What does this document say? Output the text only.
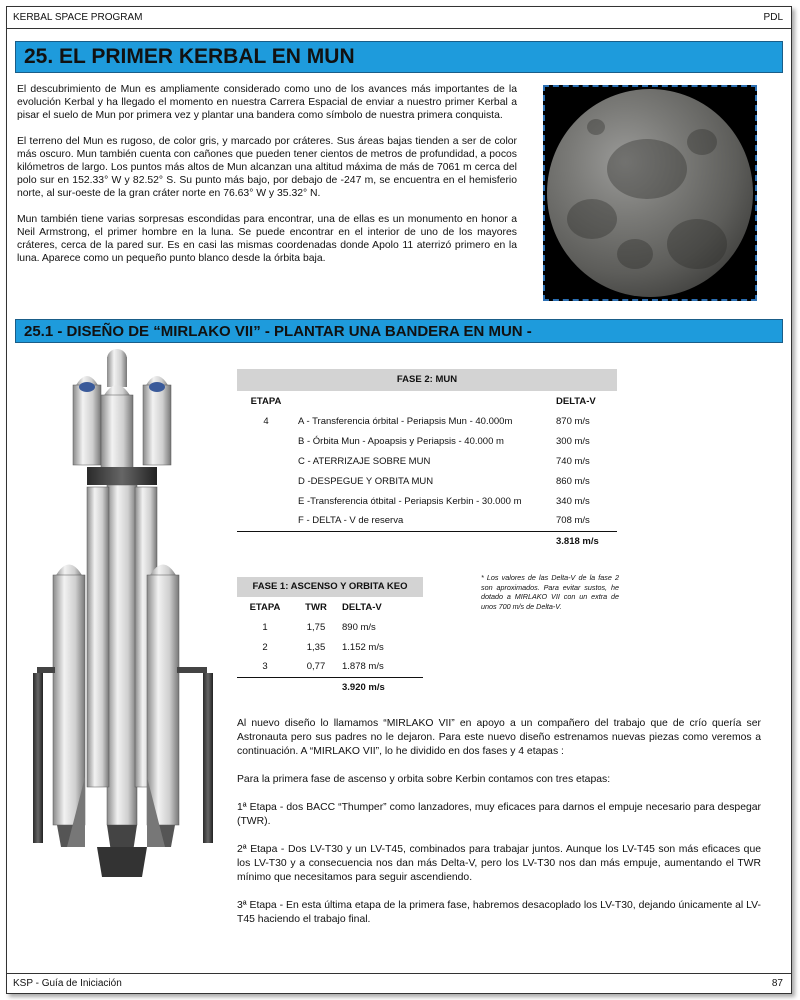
KERBAL SPACE PROGRAM	PDL
25. EL PRIMER KERBAL EN MUN

El descubrimiento de Mun es ampliamente considerado como uno de los avances más importantes de la evolución Kerbal y ha llegado el momento en nuestra Carrera Espacial de enviar a nuestro primer Kerbal a pisar el suelo de Mun por primera vez y plantar una bandera como símbolo de nuestra primera conquista.

El terreno del Mun es rugoso, de color gris, y marcado por cráteres. Sus áreas bajas tienden a ser de color más oscuro. Mun también cuenta con cañones que pueden tener cientos de metros de profundidad, a pocos kilómetros de largo. Los puntos más altos de Mun alcanzan una altitud máxima de más de 7061 m cerca del polo sur en 152.33° W y 82.52° S. Su punto más bajo, por debajo de -247 m, se encuentra en el hemisferio norte, al sur-oeste de la gran cráter norte en 76.63° W y 35.32° N.

Mun también tiene varias sorpresas escondidas para encontrar, una de ellas es un monumento en honor a Neil Armstrong, el primer hombre en la luna. Se puede encontrar en el interior de uno de los mayores cráteres, cerca de la pared sur. Es en casi las mismas coordenadas donde Apolo 11 aterrizó primero en la luna. Aparece como un pequeño punto blanco desde la órbita baja.

25.1 - DISEÑO DE “MIRLAKO VII” - PLANTAR UNA BANDERA EN MUN -
FASE 2: MUN
ETAPA		DELTA-V
4	A - Transferencia órbital - Periapsis Mun - 40.000m	870 m/s
	B - Órbita Mun - Apoapsis y Periapsis - 40.000 m	300 m/s
	C - ATERRIZAJE SOBRE MUN	740 m/s
	D -DESPEGUE Y ORBITA MUN	860 m/s
	E -Transferencia ótbital - Periapsis Kerbin - 30.000 m	340 m/s
	F - DELTA - V de reserva	708 m/s
		3.818 m/s
FASE 1: ASCENSO Y ORBITA KEO
ETAPA	TWR	DELTA-V
1	1,75	890 m/s
2	1,35	1.152 m/s
3	0,77	1.878 m/s
		3.920 m/s
* Los valores de las Delta-V de la fase 2 son aproximados. Para evitar sustos, he dotado a MIRLAKO VII con un extra de unos 700 m/s de Delta-V.

Al nuevo diseño lo llamamos “MIRLAKO VII” en apoyo a un compañero del trabajo que de crío quería ser Astronauta pero sus padres no le dejaron. Para este nuevo diseño estrenamos nuevas piezas como veremos a continuación. A “MIRLAKO VII”, lo he dividido en dos fases y 4 etapas :

Para la primera fase de ascenso y orbita sobre Kerbin contamos con tres etapas:

1ª Etapa - dos BACC “Thumper” como lanzadores, muy eficaces para darnos el empuje necesario para despegar (TWR).

2ª Etapa - Dos LV-T30 y un LV-T45, combinados para trabajar juntos. Aunque los LV-T45 son más eficaces que los LV-T30 y a consecuencia nos dan más Delta-V, pero los LV-T30 nos dan más empuje, aumentando el TWR mínimo que necesitamos para seguir ascendiendo.

3ª Etapa - En esta última etapa de la primera fase, habremos desacoplado los LV-T30, dejando únicamente al LV-T45 haciendo el trabajo final.

KSP - Guía de Iniciación	87
